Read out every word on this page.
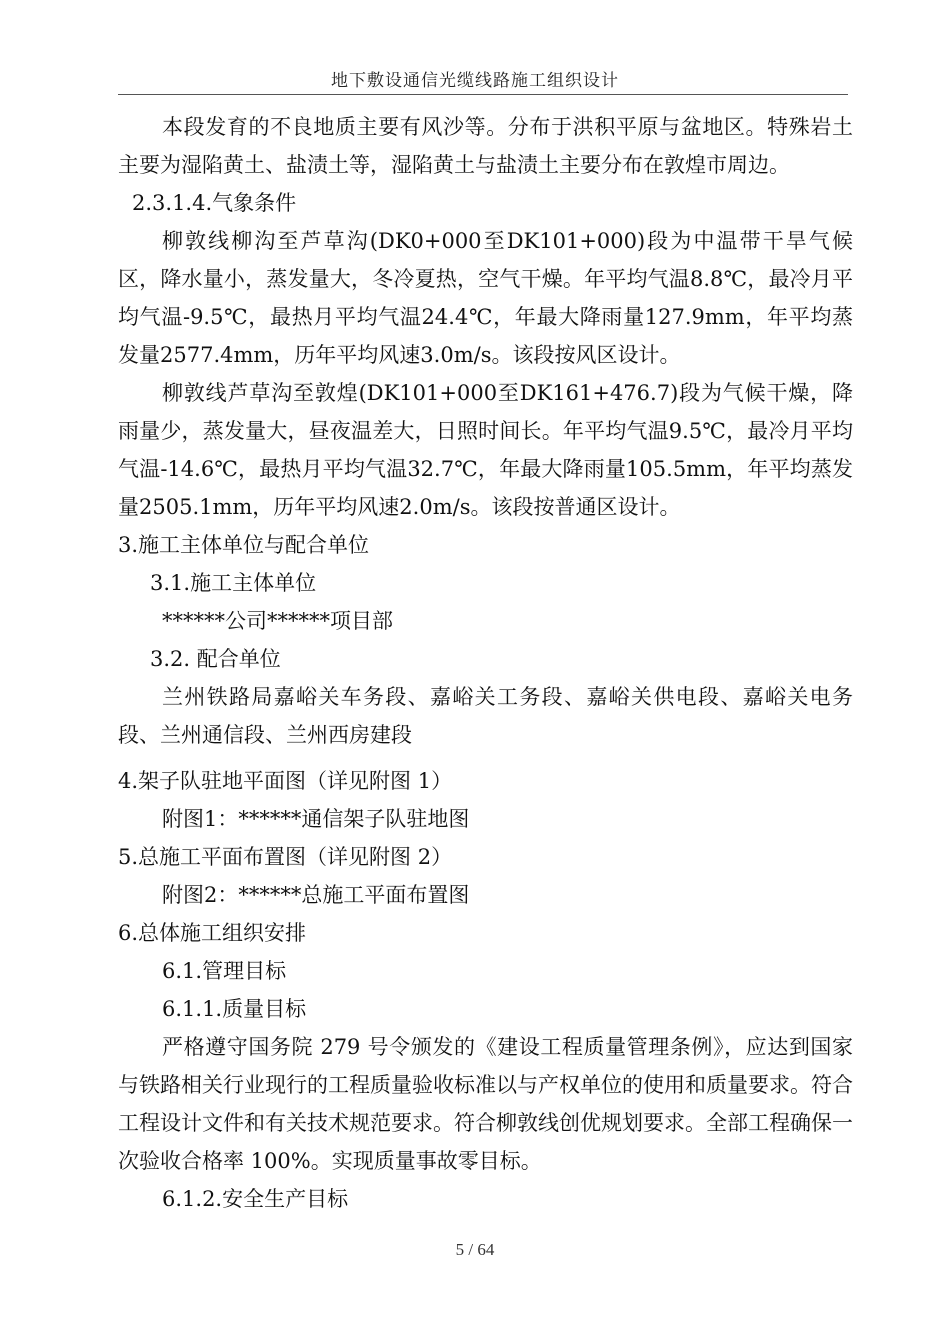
地下敷设通信光缆线路施工组织设计

本段发育的不良地质主要有风沙等。分布于洪积平原与盆地区。特殊岩土主要为湿陷黄土、盐渍土等，湿陷黄土与盐渍土主要分布在敦煌市周边。

2.3.1.4.气象条件

柳敦线柳沟至芦草沟(DK0+000至DK101+000)段为中温带干旱气候区，降水量小，蒸发量大，冬冷夏热，空气干燥。年平均气温8.8℃，最冷月平均气温-9.5℃，最热月平均气温24.4℃，年最大降雨量127.9mm，年平均蒸发量2577.4mm，历年平均风速3.0m/s。该段按风区设计。

柳敦线芦草沟至敦煌(DK101+000至DK161+476.7)段为气候干燥，降雨量少，蒸发量大，昼夜温差大，日照时间长。年平均气温9.5℃，最冷月平均气温-14.6℃，最热月平均气温32.7℃，年最大降雨量105.5mm，年平均蒸发量2505.1mm，历年平均风速2.0m/s。该段按普通区设计。

3.施工主体单位与配合单位

3.1.施工主体单位

******公司******项目部

3.2. 配合单位

兰州铁路局嘉峪关车务段、嘉峪关工务段、嘉峪关供电段、嘉峪关电务段、兰州通信段、兰州西房建段

4.架子队驻地平面图（详见附图 1）

附图1：******通信架子队驻地图

5.总施工平面布置图（详见附图 2）

附图2：******总施工平面布置图

6.总体施工组织安排

6.1.管理目标

6.1.1.质量目标

严格遵守国务院 279 号令颁发的《建设工程质量管理条例》，应达到国家与铁路相关行业现行的工程质量验收标准以与产权单位的使用和质量要求。符合工程设计文件和有关技术规范要求。符合柳敦线创优规划要求。全部工程确保一次验收合格率 100%。实现质量事故零目标。

6.1.2.安全生产目标

5 / 64
